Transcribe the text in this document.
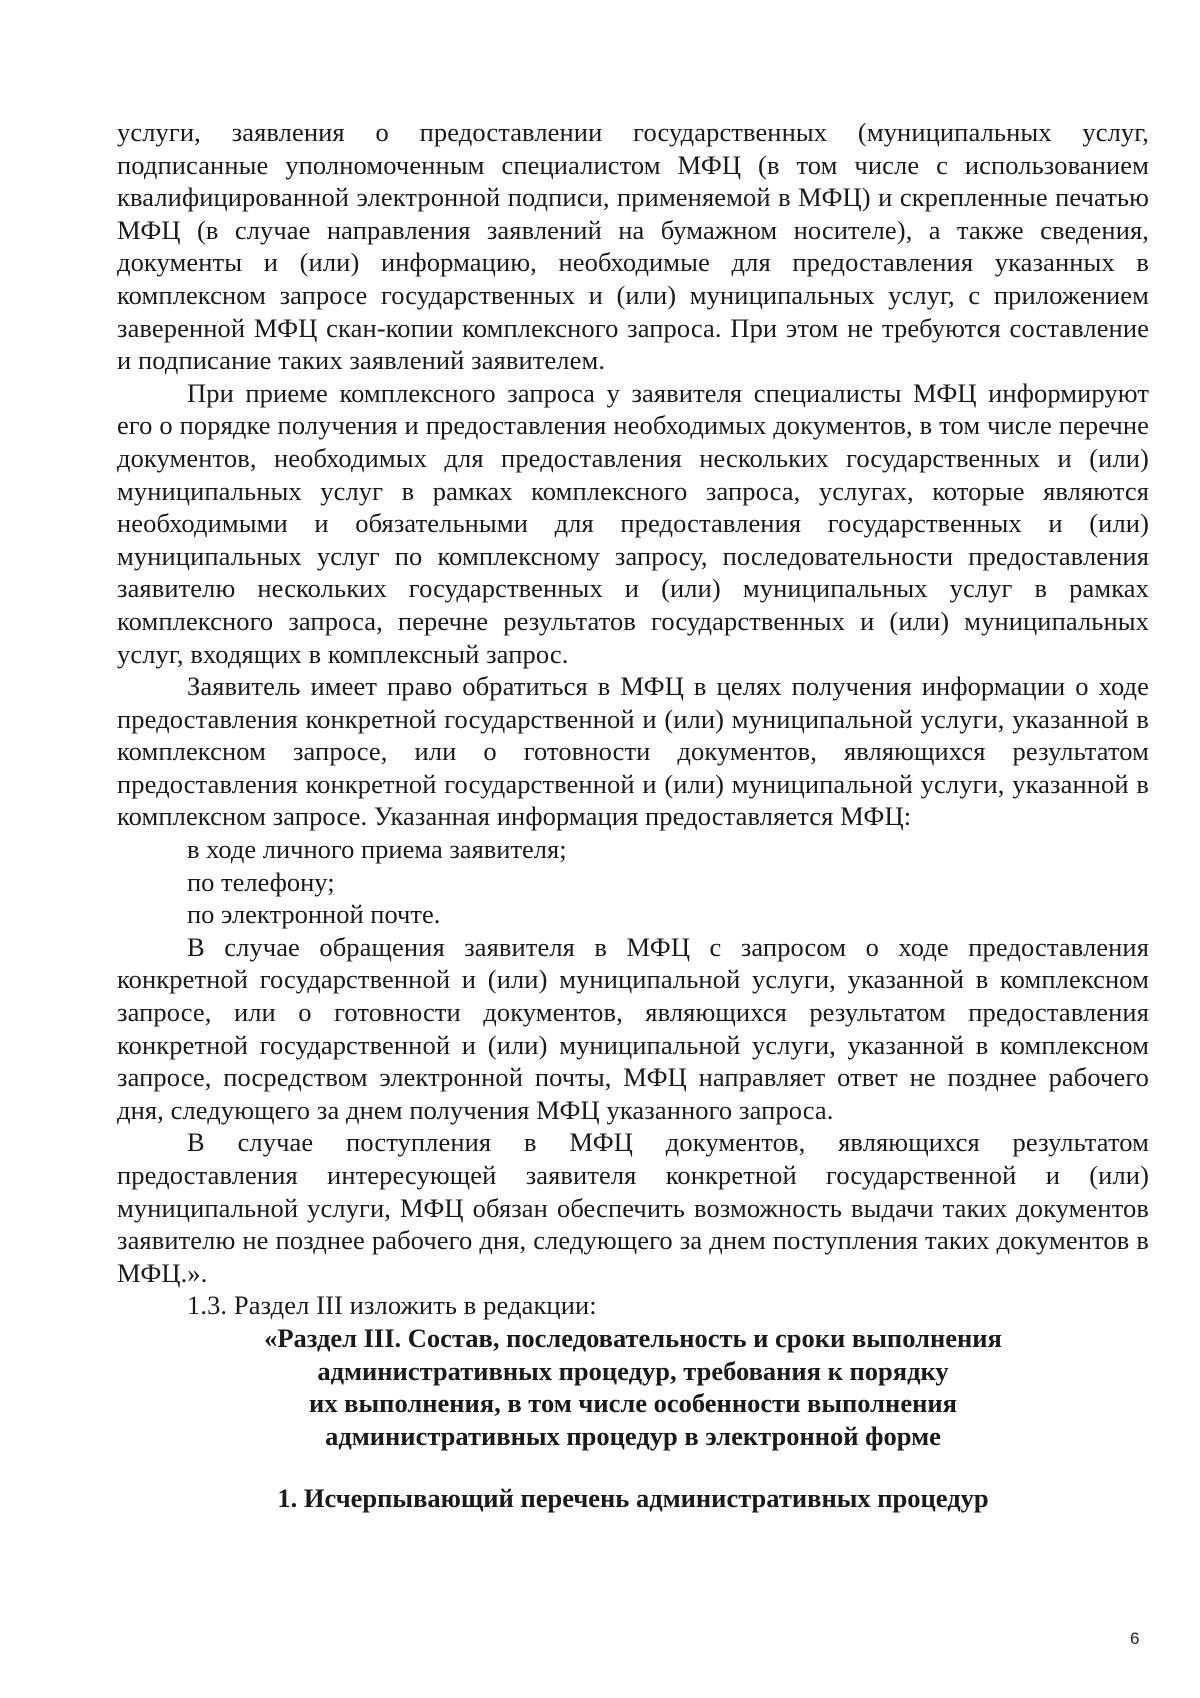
услуги, заявления о предоставлении государственных (муниципальных услуг, подписанные уполномоченным специалистом МФЦ (в том числе с использованием квалифицированной электронной подписи, применяемой в МФЦ) и скрепленные печатью МФЦ (в случае направления заявлений на бумажном носителе), а также сведения, документы и (или) информацию, необходимые для предоставления указанных в комплексном запросе государственных и (или) муниципальных услуг, с приложением заверенной МФЦ скан-копии комплексного запроса. При этом не требуются составление и подписание таких заявлений заявителем.

При приеме комплексного запроса у заявителя специалисты МФЦ информируют его о порядке получения и предоставления необходимых документов, в том числе перечне документов, необходимых для предоставления нескольких государственных и (или) муниципальных услуг в рамках комплексного запроса, услугах, которые являются необходимыми и обязательными для предоставления государственных и (или) муниципальных услуг по комплексному запросу, последовательности предоставления заявителю нескольких государственных и (или) муниципальных услуг в рамках комплексного запроса, перечне результатов государственных и (или) муниципальных услуг, входящих в комплексный запрос.

Заявитель имеет право обратиться в МФЦ в целях получения информации о ходе предоставления конкретной государственной и (или) муниципальной услуги, указанной в комплексном запросе, или о готовности документов, являющихся результатом предоставления конкретной государственной и (или) муниципальной услуги, указанной в комплексном запросе. Указанная информация предоставляется МФЦ:

в ходе личного приема заявителя;

по телефону;

по электронной почте.

В случае обращения заявителя в МФЦ с запросом о ходе предоставления конкретной государственной и (или) муниципальной услуги, указанной в комплексном запросе, или о готовности документов, являющихся результатом предоставления конкретной государственной и (или) муниципальной услуги, указанной в комплексном запросе, посредством электронной почты, МФЦ направляет ответ не позднее рабочего дня, следующего за днем получения МФЦ указанного запроса.

В случае поступления в МФЦ документов, являющихся результатом предоставления интересующей заявителя конкретной государственной и (или) муниципальной услуги, МФЦ обязан обеспечить возможность выдачи таких документов заявителю не позднее рабочего дня, следующего за днем поступления таких документов в МФЦ.».

1.3. Раздел III изложить в редакции:

«Раздел III. Состав, последовательность и сроки выполнения

административных процедур, требования к порядку

их выполнения, в том числе особенности выполнения

административных процедур в электронной форме

1. Исчерпывающий перечень административных процедур

6
